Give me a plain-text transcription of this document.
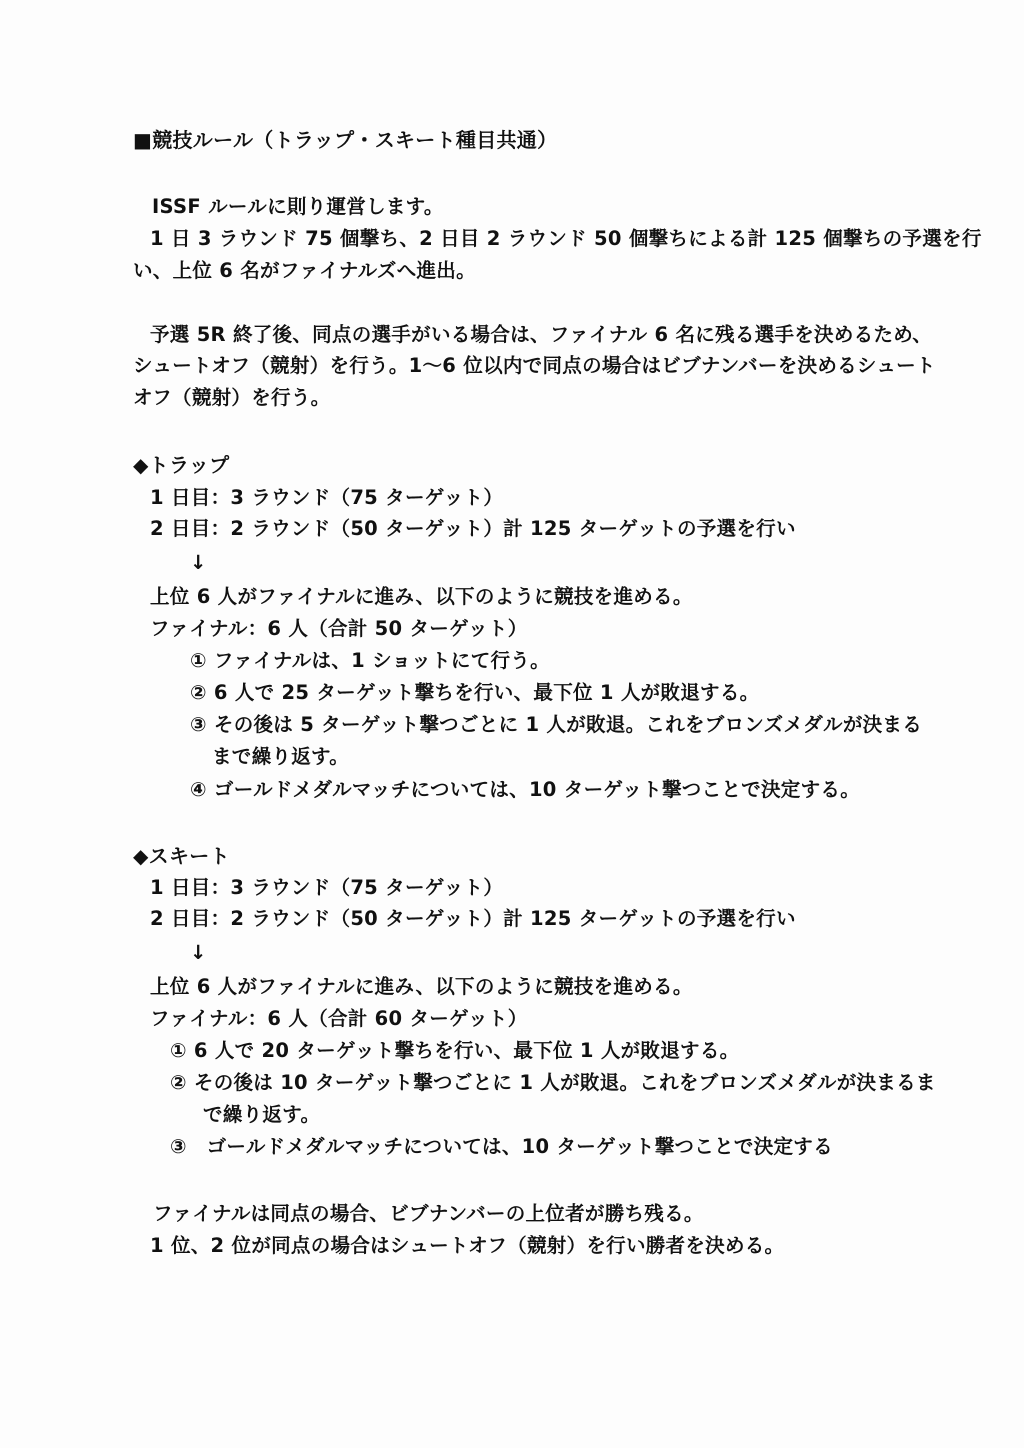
■競技ルール（トラップ・スキート種目共通）
ISSF ルールに則り運営します。
1 日 3 ラウンド 75 個撃ち、2 日目 2 ラウンド 50 個撃ちによる計 125 個撃ちの予選を行
い、上位 6 名がファイナルズへ進出。
予選 5R 終了後、同点の選手がいる場合は、ファイナル 6 名に残る選手を決めるため、
シュートオフ（競射）を行う。1～6 位以内で同点の場合はビブナンバーを決めるシュート
オフ（競射）を行う。
◆トラップ
1 日目：3 ラウンド（75 ターゲット）
2 日目：2 ラウンド（50 ターゲット）計 125 ターゲットの予選を行い
↓
上位 6 人がファイナルに進み、以下のように競技を進める。
ファイナル：6 人（合計 50 ターゲット）
① ファイナルは、1 ショットにて行う。
② 6 人で 25 ターゲット撃ちを行い、最下位 1 人が敗退する。
③ その後は 5 ターゲット撃つごとに 1 人が敗退。これをブロンズメダルが決まる
まで繰り返す。
④ ゴールドメダルマッチについては、10 ターゲット撃つことで決定する。
◆スキート
1 日目：3 ラウンド（75 ターゲット）
2 日目：2 ラウンド（50 ターゲット）計 125 ターゲットの予選を行い
↓
上位 6 人がファイナルに進み、以下のように競技を進める。
ファイナル：6 人（合計 60 ターゲット）
① 6 人で 20 ターゲット撃ちを行い、最下位 1 人が敗退する。
② その後は 10 ターゲット撃つごとに 1 人が敗退。これをブロンズメダルが決まるま
で繰り返す。
③　ゴールドメダルマッチについては、10 ターゲット撃つことで決定する
ファイナルは同点の場合、ビブナンバーの上位者が勝ち残る。
1 位、2 位が同点の場合はシュートオフ（競射）を行い勝者を決める。
